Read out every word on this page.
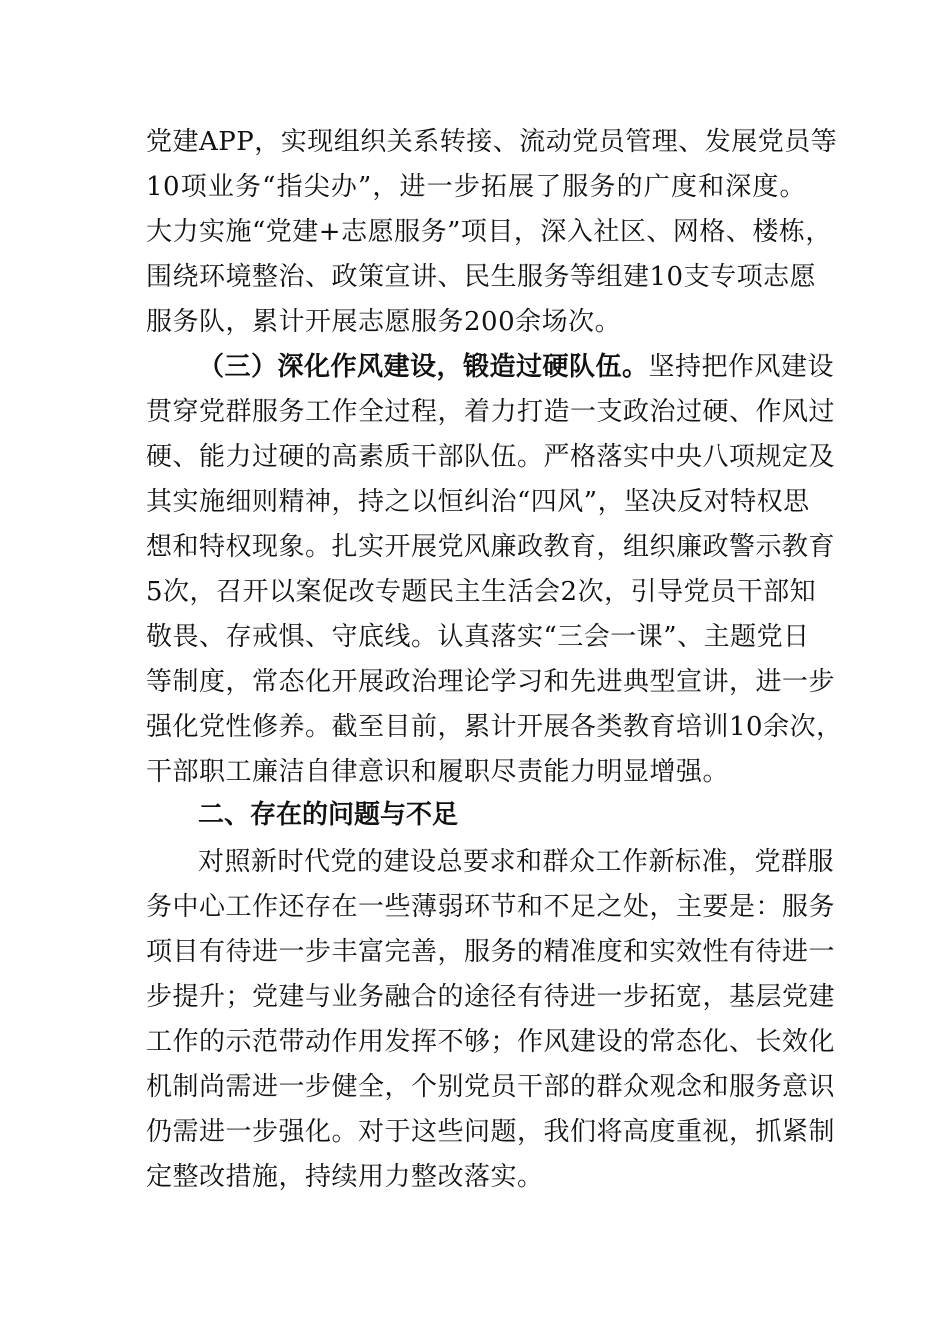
党建APP，实现组织关系转接、流动党员管理、发展党员等
10项业务“指尖办”，进一步拓展了服务的广度和深度。
大力实施“党建+志愿服务”项目，深入社区、网格、楼栋，
围绕环境整治、政策宣讲、民生服务等组建10支专项志愿
服务队，累计开展志愿服务200余场次。
（三）深化作风建设，锻造过硬队伍。 坚持把作风建设
贯穿党群服务工作全过程，着力打造一支政治过硬、作风过
硬、能力过硬的高素质干部队伍。严格落实中央八项规定及
其实施细则精神，持之以恒纠治“四风”，坚决反对特权思
想和特权现象。扎实开展党风廉政教育，组织廉政警示教育
5次，召开以案促改专题民主生活会2次，引导党员干部知
敬畏、存戒惧、守底线。认真落实“三会一课”、主题党日
等制度，常态化开展政治理论学习和先进典型宣讲，进一步
强化党性修养。截至目前，累计开展各类教育培训10余次，
干部职工廉洁自律意识和履职尽责能力明显增强。
二、存在的问题与不足
对照新时代党的建设总要求和群众工作新标准，党群服
务中心工作还存在一些薄弱环节和不足之处，主要是：服务
项目有待进一步丰富完善，服务的精准度和实效性有待进一
步提升；党建与业务融合的途径有待进一步拓宽，基层党建
工作的示范带动作用发挥不够；作风建设的常态化、长效化
机制尚需进一步健全，个别党员干部的群众观念和服务意识
仍需进一步强化。对于这些问题，我们将高度重视，抓紧制
定整改措施，持续用力整改落实。
